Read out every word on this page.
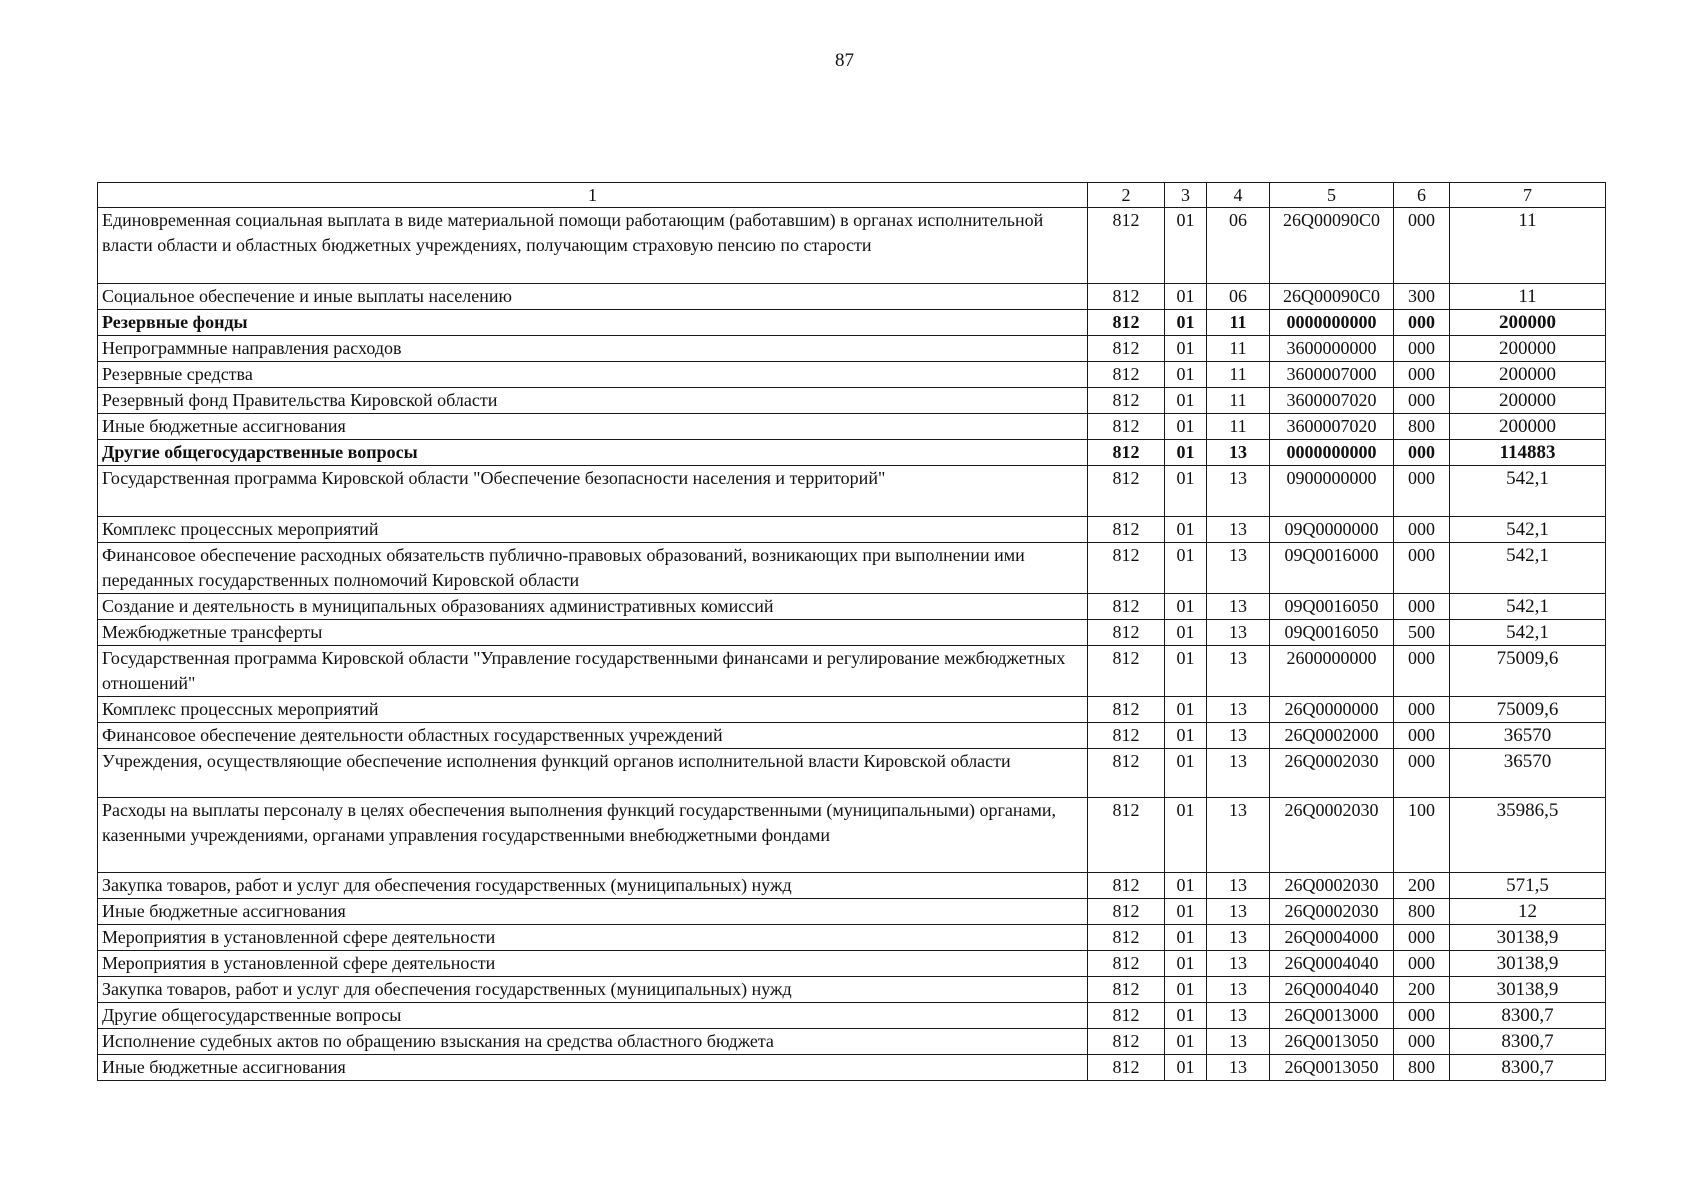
87
1	2	3	4	5	6	7
Единовременная социальная выплата в виде материальной помощи работающим (работавшим) в органах исполнительной власти области и областных бюджетных учреждениях, получающим страховую пенсию по старости	812	01	06	26Q00090C0	000	11
Социальное обеспечение и иные выплаты населению	812	01	06	26Q00090C0	300	11
Резервные фонды	812	01	11	0000000000	000	200000
Непрограммные направления расходов	812	01	11	3600000000	000	200000
Резервные средства	812	01	11	3600007000	000	200000
Резервный фонд Правительства Кировской области	812	01	11	3600007020	000	200000
Иные бюджетные ассигнования	812	01	11	3600007020	800	200000
Другие общегосударственные вопросы	812	01	13	0000000000	000	114883
Государственная программа Кировской области "Обеспечение безопасности населения и территорий"	812	01	13	0900000000	000	542,1
Комплекс процессных мероприятий	812	01	13	09Q0000000	000	542,1
Финансовое обеспечение расходных обязательств публично-правовых образований, возникающих при выполнении ими переданных государственных полномочий Кировской области	812	01	13	09Q0016000	000	542,1
Создание и деятельность в муниципальных образованиях административных комиссий	812	01	13	09Q0016050	000	542,1
Межбюджетные трансферты	812	01	13	09Q0016050	500	542,1
Государственная программа Кировской области "Управление государственными финансами и регулирование межбюджетных отношений"	812	01	13	2600000000	000	75009,6
Комплекс процессных мероприятий	812	01	13	26Q0000000	000	75009,6
Финансовое обеспечение деятельности областных государственных учреждений	812	01	13	26Q0002000	000	36570
Учреждения, осуществляющие обеспечение исполнения функций органов исполнительной власти Кировской области	812	01	13	26Q0002030	000	36570
Расходы на выплаты персоналу в целях обеспечения выполнения функций государственными (муниципальными) органами, казенными учреждениями, органами управления государственными внебюджетными фондами	812	01	13	26Q0002030	100	35986,5
Закупка товаров, работ и услуг для обеспечения государственных (муниципальных) нужд	812	01	13	26Q0002030	200	571,5
Иные бюджетные ассигнования	812	01	13	26Q0002030	800	12
Мероприятия в установленной сфере деятельности	812	01	13	26Q0004000	000	30138,9
Мероприятия в установленной сфере деятельности	812	01	13	26Q0004040	000	30138,9
Закупка товаров, работ и услуг для обеспечения государственных (муниципальных) нужд	812	01	13	26Q0004040	200	30138,9
Другие общегосударственные вопросы	812	01	13	26Q0013000	000	8300,7
Исполнение судебных актов по обращению взыскания на средства областного бюджета	812	01	13	26Q0013050	000	8300,7
Иные бюджетные ассигнования	812	01	13	26Q0013050	800	8300,7
